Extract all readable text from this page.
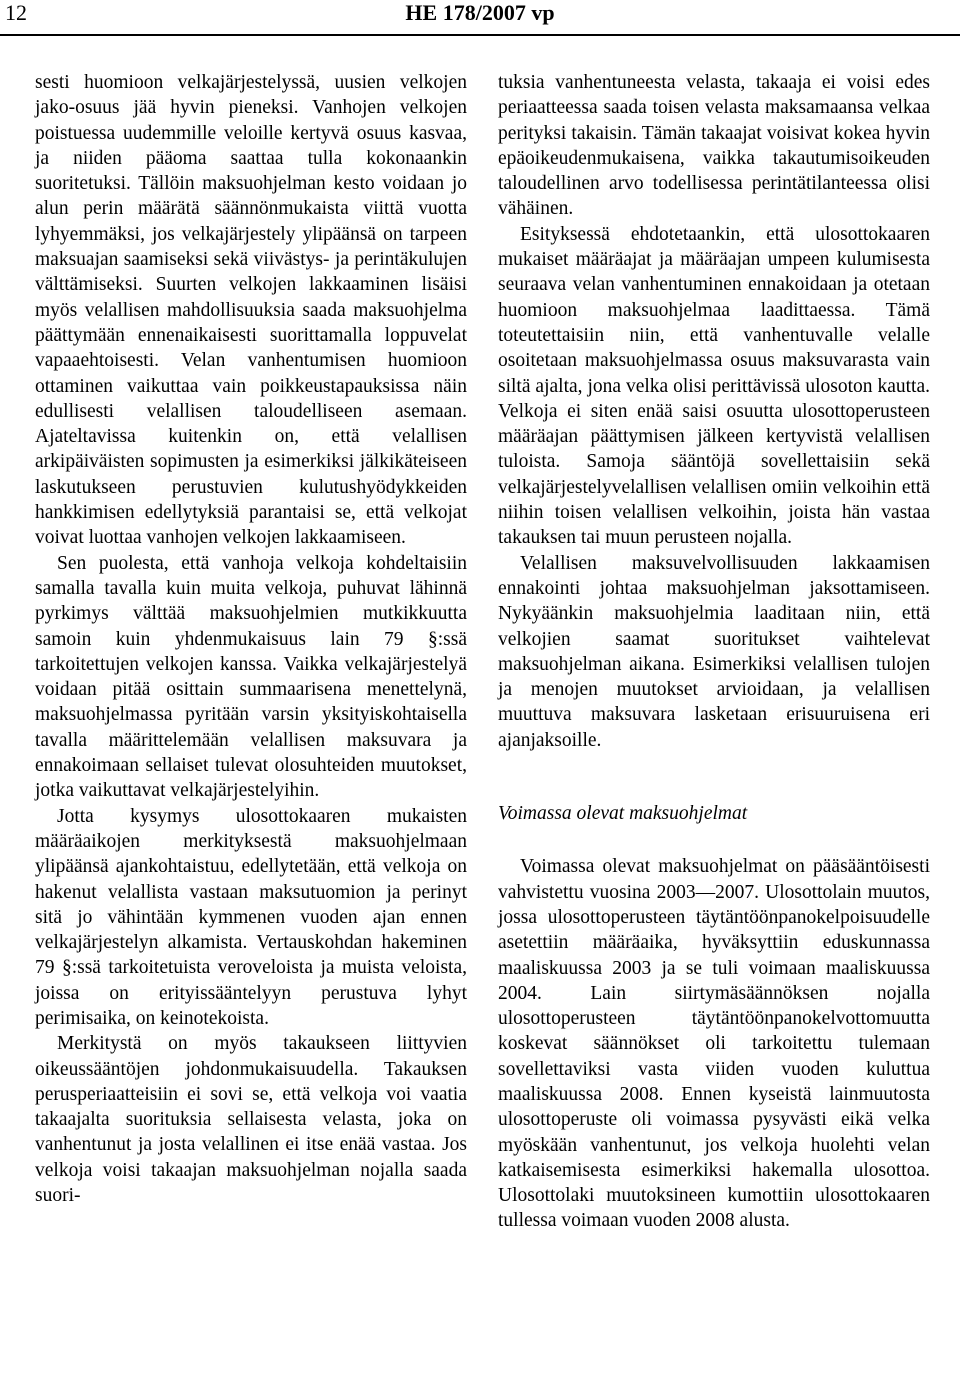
12	HE 178/2007 vp

sesti huomioon velkajärjestelyssä, uusien velkojen jako-osuus jää hyvin pieneksi. Vanhojen velkojen poistuessa uudemmille veloille kertyvä osuus kasvaa, ja niiden pääoma saattaa tulla kokonaankin suoritetuksi. Tällöin maksuohjelman kesto voidaan jo alun perin määrätä säännönmukaista viittä vuotta lyhyemmäksi, jos velkajärjestely ylipäänsä on tarpeen maksuajan saamiseksi sekä viivästys- ja perintäkulujen välttämiseksi. Suurten velkojen lakkaaminen lisäisi myös velallisen mahdollisuuksia saada maksuohjelma päättymään ennenaikaisesti suorittamalla loppuvelat vapaaehtoisesti. Velan vanhentumisen huomioon ottaminen vaikuttaa vain poikkeustapauksissa näin edullisesti velallisen taloudelliseen asemaan. Ajateltavissa kuitenkin on, että velallisen arkipäiväisten sopimusten ja esimerkiksi jälkikäteiseen laskutukseen perustuvien kulutushyödykkeiden hankkimisen edellytyksiä parantaisi se, että velkojat voivat luottaa vanhojen velkojen lakkaamiseen.

Sen puolesta, että vanhoja velkoja kohdeltaisiin samalla tavalla kuin muita velkoja, puhuvat lähinnä pyrkimys välttää maksuohjelmien mutkikkuutta samoin kuin yhdenmukaisuus lain 79 §:ssä tarkoitettujen velkojen kanssa. Vaikka velkajärjestelyä voidaan pitää osittain summaarisena menettelynä, maksuohjelmassa pyritään varsin yksityiskohtaisella tavalla määrittelemään velallisen maksuvara ja ennakoimaan sellaiset tulevat olosuhteiden muutokset, jotka vaikuttavat velkajärjestelyihin.

Jotta kysymys ulosottokaaren mukaisten määräaikojen merkityksestä maksuohjelmaan ylipäänsä ajankohtaistuu, edellytetään, että velkoja on hakenut velallista vastaan maksutuomion ja perinyt sitä jo vähintään kymmenen vuoden ajan ennen velkajärjestelyn alkamista. Vertauskohdan hakeminen 79 §:ssä tarkoitetuista veroveloista ja muista veloista, joissa on erityissääntelyyn perustuva lyhyt perimisaika, on keinotekoista.

Merkitystä on myös takaukseen liittyvien oikeussääntöjen johdonmukaisuudella. Takauksen perusperiaatteisiin ei sovi se, että velkoja voi vaatia takaajalta suorituksia sellaisesta velasta, joka on vanhentunut ja josta velallinen ei itse enää vastaa. Jos velkoja voisi takaajan maksuohjelman nojalla saada suori-

tuksia vanhentuneesta velasta, takaaja ei voisi edes periaatteessa saada toisen velasta maksamaansa velkaa perityksi takaisin. Tämän takaajat voisivat kokea hyvin epäoikeudenmukaisena, vaikka takautumisoikeuden taloudellinen arvo todellisessa perintätilanteessa olisi vähäinen.

Esityksessä ehdotetaankin, että ulosottokaaren mukaiset määräajat ja määräajan umpeen kulumisesta seuraava velan vanhentuminen ennakoidaan ja otetaan huomioon maksuohjelmaa laadittaessa. Tämä toteutettaisiin niin, että vanhentuvalle velalle osoitetaan maksuohjelmassa osuus maksuvarasta vain siltä ajalta, jona velka olisi perittävissä ulosoton kautta. Velkoja ei siten enää saisi osuutta ulosottoperusteen määräajan päättymisen jälkeen kertyvistä velallisen tuloista. Samoja sääntöjä sovellettaisiin sekä velkajärjestelyvelallisen velallisen omiin velkoihin että niihin toisen velallisen velkoihin, joista hän vastaa takauksen tai muun perusteen nojalla.

Velallisen maksuvelvollisuuden lakkaamisen ennakointi johtaa maksuohjelman jaksottamiseen. Nykyäänkin maksuohjelmia laaditaan niin, että velkojien saamat suoritukset vaihtelevat maksuohjelman aikana. Esimerkiksi velallisen tulojen ja menojen muutokset arvioidaan, ja velallisen muuttuva maksuvara lasketaan erisuuruisena eri ajanjaksoille.

Voimassa olevat maksuohjelmat

Voimassa olevat maksuohjelmat on pääsääntöisesti vahvistettu vuosina 2003—2007. Ulosottolain muutos, jossa ulosottoperusteen täytäntöönpanokelpoisuudelle asetettiin määräaika, hyväksyttiin eduskunnassa maaliskuussa 2003 ja se tuli voimaan maaliskuussa 2004. Lain siirtymäsäännöksen nojalla ulosottoperusteen täytäntöönpanokelvottomuutta koskevat säännökset oli tarkoitettu tulemaan sovellettaviksi vasta viiden vuoden kuluttua maaliskuussa 2008. Ennen kyseistä lainmuutosta ulosottoperuste oli voimassa pysyvästi eikä velka myöskään vanhentunut, jos velkoja huolehti velan katkaisemisesta esimerkiksi hakemalla ulosottoa. Ulosottolaki muutoksineen kumottiin ulosottokaaren tullessa voimaan vuoden 2008 alusta.
